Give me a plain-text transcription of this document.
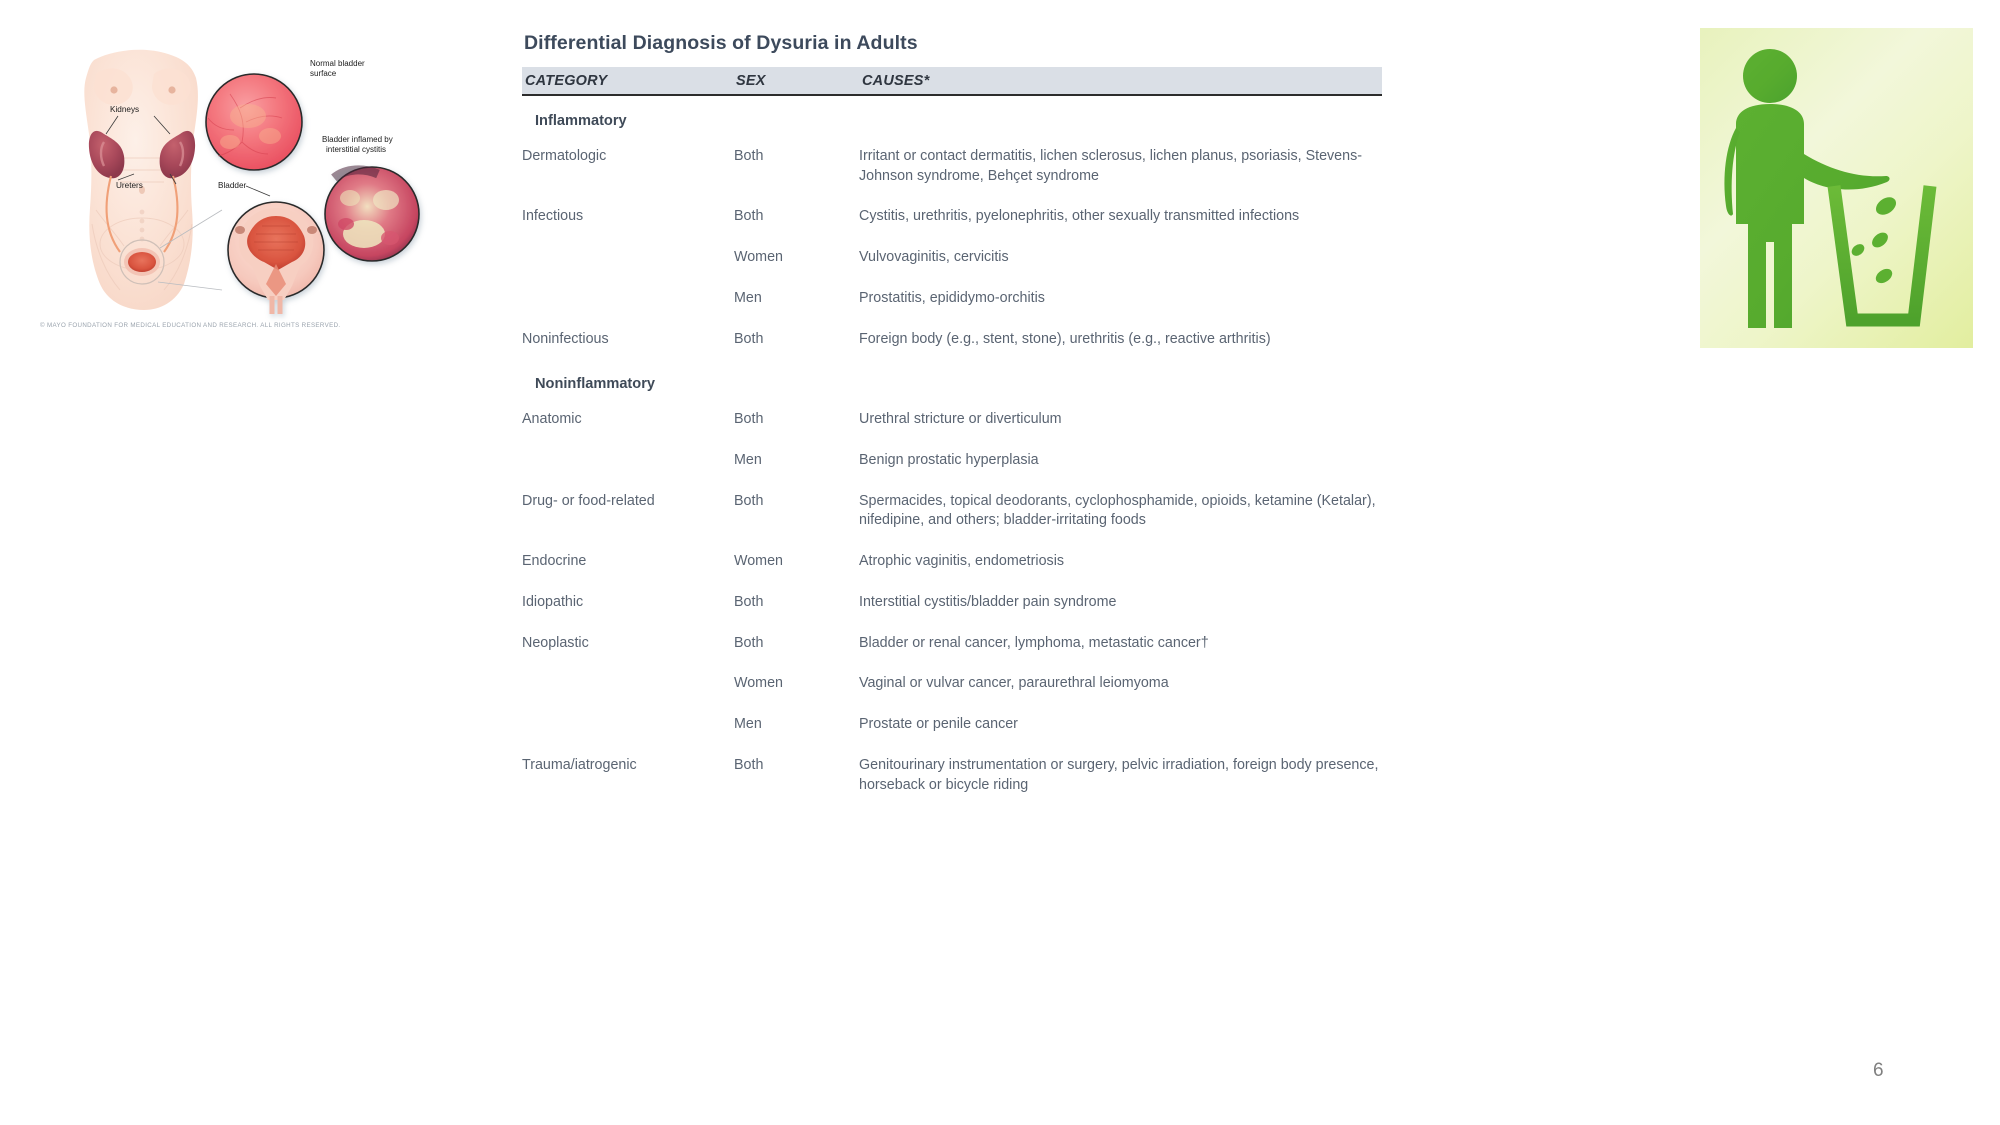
Kidneys
Ureters	Bladder
Normal bladder
surface
Bladder inflamed by
interstitial cystitis
© MAYO FOUNDATION FOR MEDICAL EDUCATION AND RESEARCH. ALL RIGHTS RESERVED.
Differential Diagnosis of Dysuria in Adults
CATEGORY	SEX	CAUSES*
Inflammatory		
Dermatologic	Both	Irritant or contact dermatitis, lichen sclerosus, lichen planus, psoriasis, Stevens-Johnson syndrome, Behçet syndrome
Infectious	Both	Cystitis, urethritis, pyelonephritis, other sexually transmitted infections
	Women	Vulvovaginitis, cervicitis
	Men	Prostatitis, epididymo-orchitis
Noninfectious	Both	Foreign body (e.g., stent, stone), urethritis (e.g., reactive arthritis)
Noninflammatory		
Anatomic	Both	Urethral stricture or diverticulum
	Men	Benign prostatic hyperplasia
Drug- or food-related	Both	Spermacides, topical deodorants, cyclophosphamide, opioids, ketamine (Ketalar), nifedipine, and others; bladder-irritating foods
Endocrine	Women	Atrophic vaginitis, endometriosis
Idiopathic	Both	Interstitial cystitis/bladder pain syndrome
Neoplastic	Both	Bladder or renal cancer, lymphoma, metastatic cancer†
	Women	Vaginal or vulvar cancer, paraurethral leiomyoma
	Men	Prostate or penile cancer
Trauma/iatrogenic	Both	Genitourinary instrumentation or surgery, pelvic irradiation, foreign body presence, horseback or bicycle riding
6
